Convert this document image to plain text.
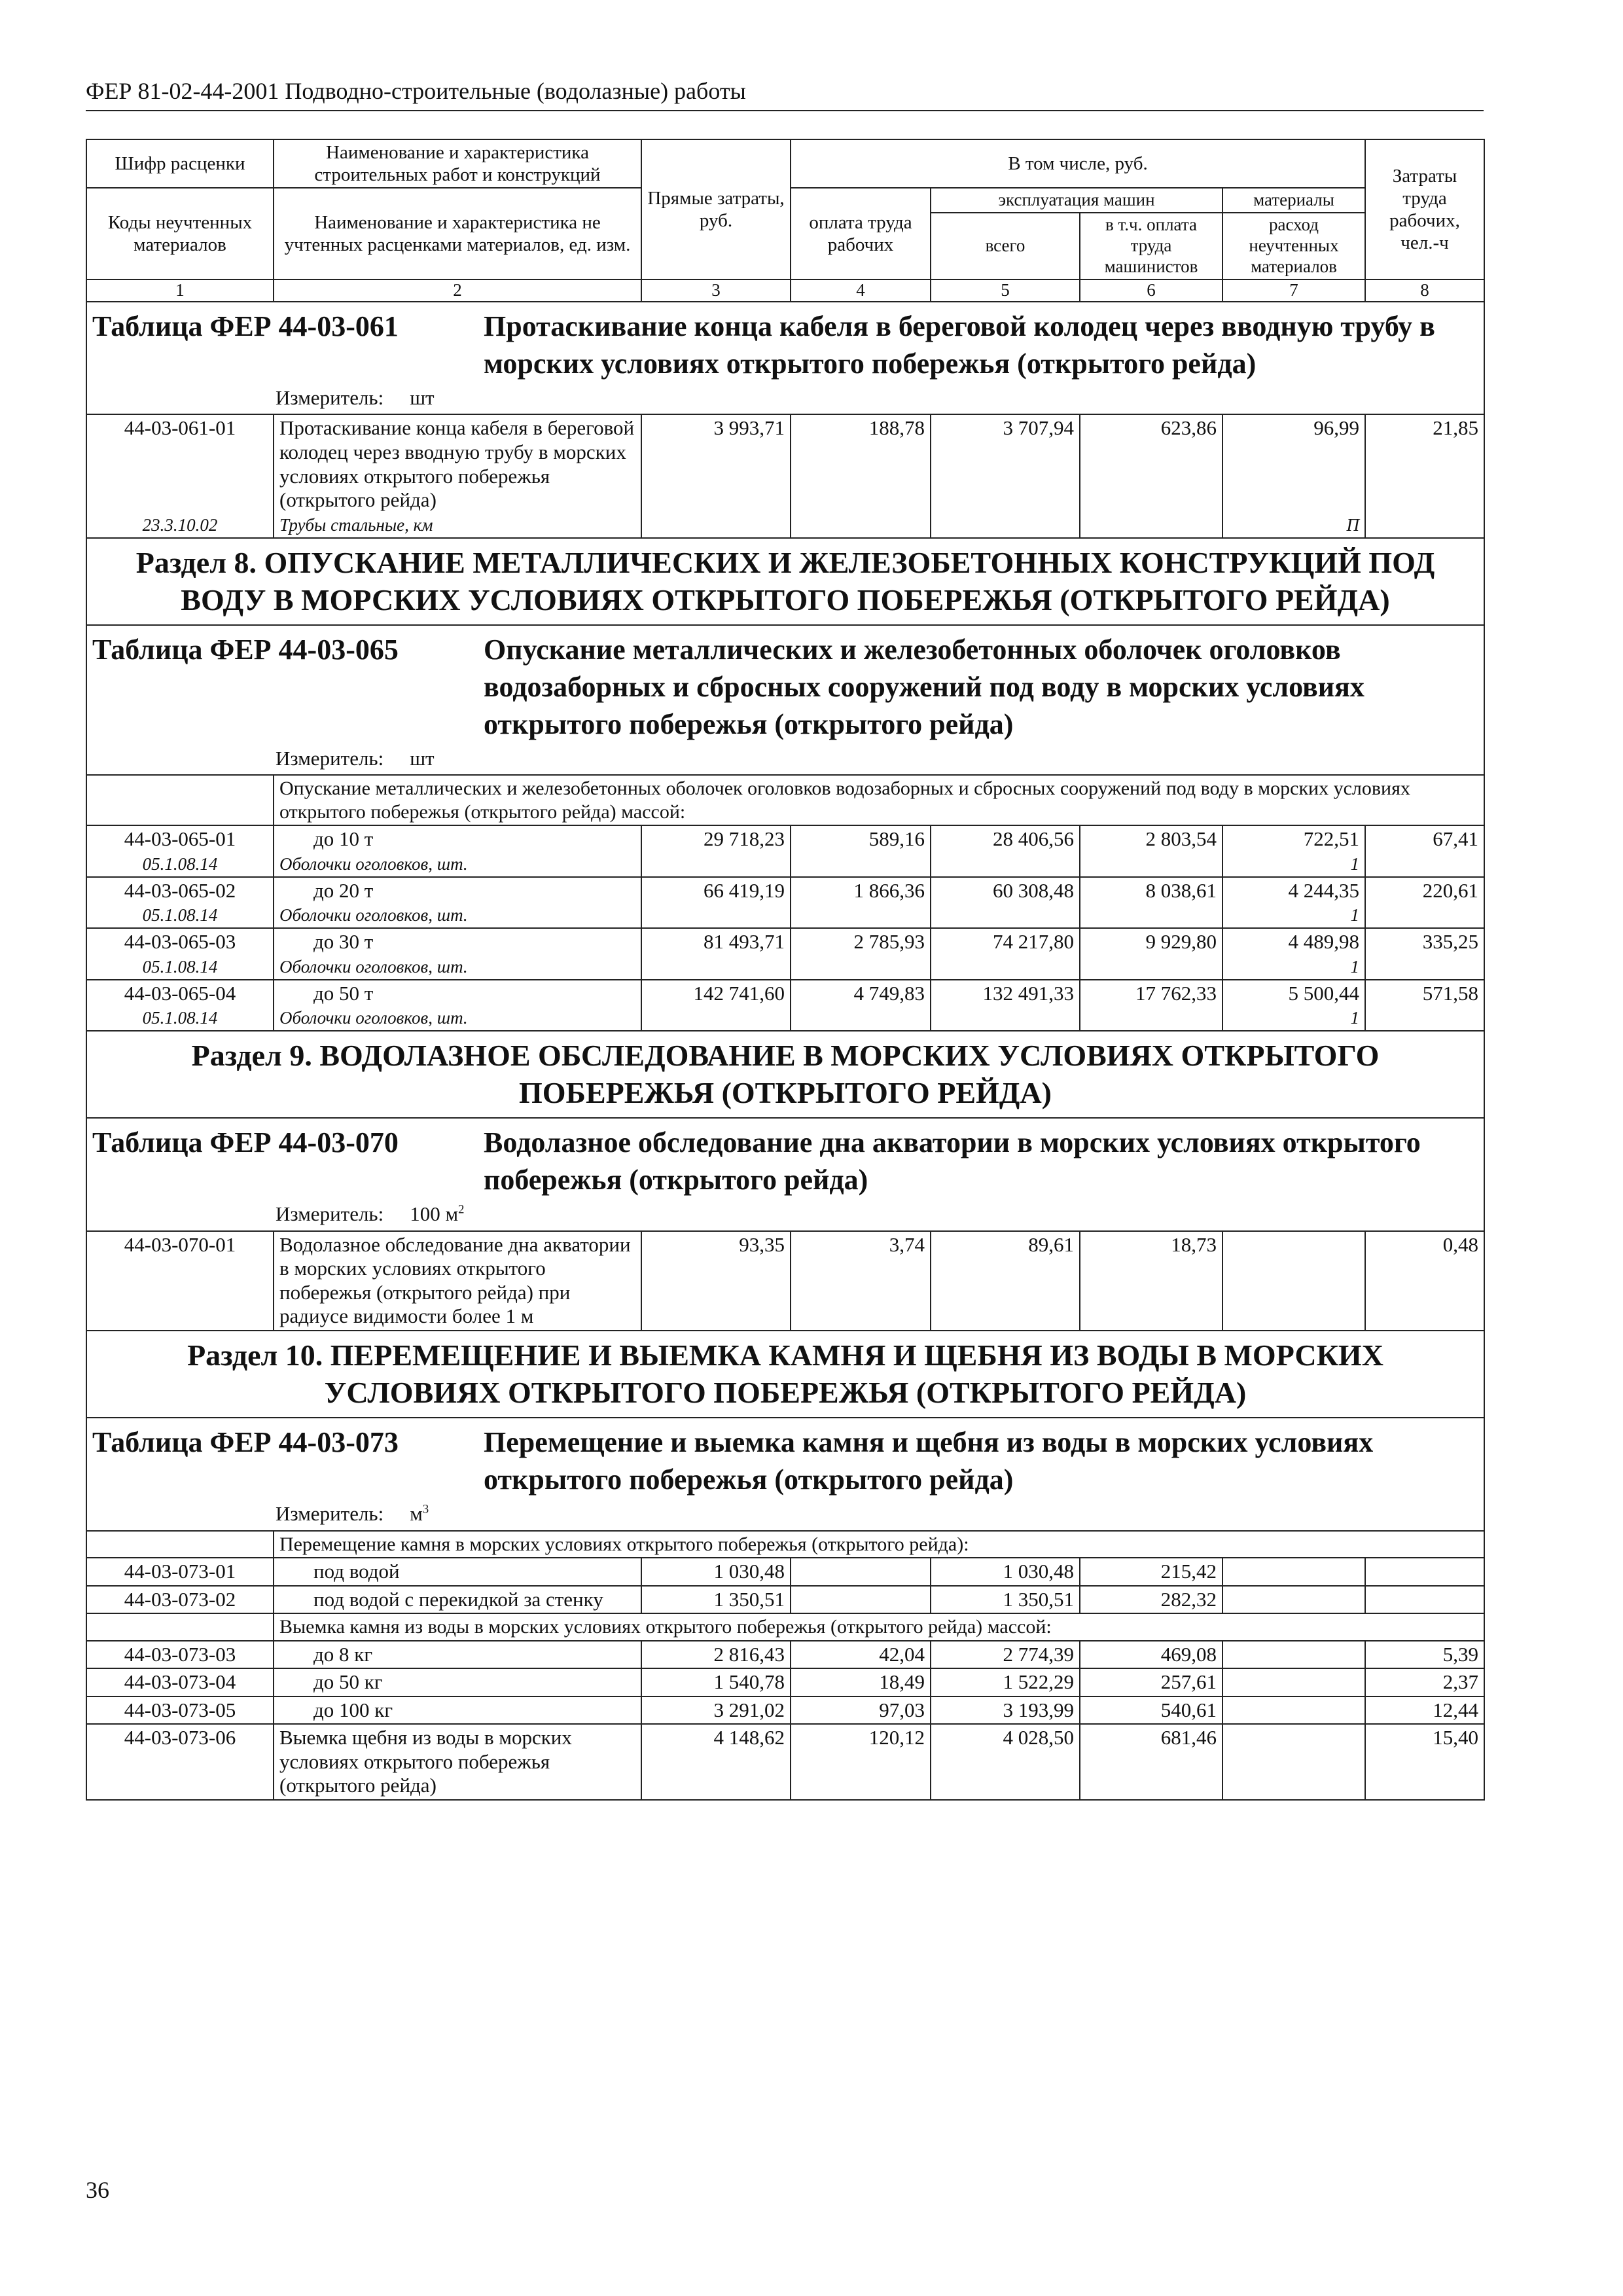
ФЕР 81-02-44-2001 Подводно-строительные (водолазные) работы
Шифр расценки	Наименование и характеристика строительных работ и конструкций	Прямые затраты, руб.	В том числе, руб.				Затраты труда рабочих, чел.-ч
Коды неучтенных материалов	Наименование и характеристика не учтенных расценками материалов, ед. изм.		оплата труда рабочих	эксплуатация машин		материалы	
				всего	в т.ч. оплата труда машинистов	расход неучтенных материалов	

1	2	3	4	5	6	7	8

Таблица ФЕР 44-03-061 Протаскивание конца кабеля в береговой колодец через вводную трубу в морских условиях открытого побережья (открытого рейда)
Измеритель: шт							

44-03-061-01	Протаскивание конца кабеля в береговой колодец через вводную трубу в морских условиях открытого побережья (открытого рейда)	3 993,71	188,78	3 707,94	623,86	96,99	21,85
23.3.10.02	Трубы стальные, км					П	
Раздел 8. ОПУСКАНИЕ МЕТАЛЛИЧЕСКИХ И ЖЕЛЕЗОБЕТОННЫХ КОНСТРУКЦИЙ ПОД ВОДУ В МОРСКИХ УСЛОВИЯХ ОТКРЫТОГО ПОБЕРЕЖЬЯ (ОТКРЫТОГО РЕЙДА)							

Таблица ФЕР 44-03-065 Опускание металлических и железобетонных оболочек оголовков водозаборных и сбросных сооружений под воду в морских условиях открытого побережья (открытого рейда)
Измеритель: шт							

	Опускание металлических и железобетонных оболочек оголовков водозаборных и сбросных сооружений под воду в морских условиях открытого побережья (открытого рейда) массой:						
44-03-065-01	до 10 т	29 718,23	589,16	28 406,56	2 803,54	722,51	67,41
05.1.08.14	Оболочки оголовков, шт.					1	
44-03-065-02	до 20 т	66 419,19	1 866,36	60 308,48	8 038,61	4 244,35	220,61
05.1.08.14	Оболочки оголовков, шт.					1	
44-03-065-03	до 30 т	81 493,71	2 785,93	74 217,80	9 929,80	4 489,98	335,25
05.1.08.14	Оболочки оголовков, шт.					1	
44-03-065-04	до 50 т	142 741,60	4 749,83	132 491,33	17 762,33	5 500,44	571,58
05.1.08.14	Оболочки оголовков, шт.					1	
Раздел 9. ВОДОЛАЗНОЕ ОБСЛЕДОВАНИЕ В МОРСКИХ УСЛОВИЯХ ОТКРЫТОГО ПОБЕРЕЖЬЯ (ОТКРЫТОГО РЕЙДА)							

Таблица ФЕР 44-03-070 Водолазное обследование дна акватории в морских условиях открытого побережья (открытого рейда)
Измеритель: 100 $м^2$

44-03-070-01	Водолазное обследование дна акватории в морских условиях открытого побережья (открытого рейда) при радиусе видимости более 1 м	93,35	3,74	89,61	18,73		0,48
Раздел 10. ПЕРЕМЕЩЕНИЕ И ВЫЕМКА КАМНЯ И ЩЕБНЯ ИЗ ВОДЫ В МОРСКИХ УСЛОВИЯХ ОТКРЫТОГО ПОБЕРЕЖЬЯ (ОТКРЫТОГО РЕЙДА)							

Таблица ФЕР 44-03-073 Перемещение и выемка камня и щебня из воды в морских условиях открытого побережья (открытого рейда)
Измеритель: $м^3$

	Перемещение камня в морских условиях открытого побережья (открытого рейда):						
44-03-073-01	под водой	1 030,48		1 030,48	215,42		
44-03-073-02	под водой с перекидкой за стенку	1 350,51		1 350,51	282,32		
	Выемка камня из воды в морских условиях открытого побережья (открытого рейда) массой:						
44-03-073-03	до 8 кг	2 816,43	42,04	2 774,39	469,08		5,39
44-03-073-04	до 50 кг	1 540,78	18,49	1 522,29	257,61		2,37
44-03-073-05	до 100 кг	3 291,02	97,03	3 193,99	540,61		12,44
44-03-073-06	Выемка щебня из воды в морских условиях открытого побережья (открытого рейда)	4 148,62	120,12	4 028,50	681,46		15,40
36
